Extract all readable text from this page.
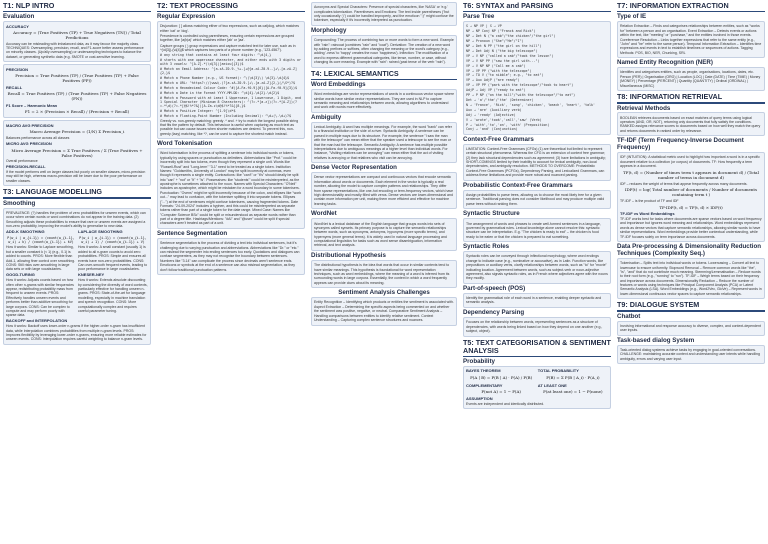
T1: NLP INTRO
Evaluation
ACCURACY
Accuracy = (True Positives (TP) + True Negatives (TN)) / Total Predictions
Accuracy can be misleading with imbalanced data, as it may favour the majority class. TECHNIQUES: Oversampling, precision, recall, and F1-score better assess performance on minority classes. (Up/ally oversampling) or undersampling techniques to balance the dataset, or generating synthetic data (e.g. SMOTE or cost-sensitive learning.
PRECISION
Precision = True Positives (TP) / (True Positives (TP) + False Positives (FP))
RECALL
Recall = True Positives (TP) / (True Positives (TP) + False Negatives (FN))
F1 Score – Harmonic Mean
F1 = 2 × (Precision × Recall) / (Precision + Recall)
MACRO AVG PRECISION
Macro Average Precision = (1/N) Σ Precision_i
Balances performance across all classes
MICRO AVG PRECISION
Micro Average Precision = Σ True Positives / Σ (True Positives + False Positives)
Overall performance
PRECISION-RECALL
If the model performs well on larger classes but poorly on smaller classes, micro-precision may still be high, whereas macro-precision will be lower due to the poor performance on smaller classes.
T3: LANGUAGE MODELLING
Smoothing
PREVALENCE: (?) handles the problem of zero probabilities for unseen events, which can occur when certain words or word combinations do not appear in the training data. (2) Smoothing adjusts these probabilities to ensure that rare or unseen events are assigned a non-zero probability, improving the model's ability to generalize to new data.
ADD-K SMOOTHING
P(w_i | w_{i-1}) = (count(w_{i-1}, w_i) + k) / (count(w_{i-1}) + kV)
How it works: Similar to Laplace smoothing, but a smaller constant k (< 1) (e.g., 0.1) is added to counts. PROS: More flexible than Add-1, allowing finer control over smoothing. CONS: Still risks over-smoothing in large data sets or with large vocabularies.
LAPLACE SMOOTHING
P(w_i | w_{i-1}) = (count(w_{i-1}, w_i) + 1) / (count(w_{i-1}) + V)
How it works: A small constant (usually 1) is added to all n-gram counts to avoid zero probabilities. PROS: Simple and ensures all events have non-zero probabilities. CONS: Can over-smooth frequent events, leading to poor performance in large vocabularies.
GOOD-TURING
How it works: Adjusts counts based on how often other n-grams with similar frequencies appear, redistributing probability mass from frequent to unseen events. PROS: Effectively handles unseen events and performs better than additive smoothing for large corpora. CONS: Can be complex to compute and may perform poorly with sparse data.
KNESER-NEY
How it works: Extends absolute discounting by considering the diversity of word contexts, particularly effective for handling unseen n-grams. PROS: State-of-the-art for language modelling, especially in machine translation and speech recognition. CONS: More computationally complex and requires careful parameter tuning.
BACKOFF and INTERPOLATION
How it works: Backoff uses lower-order n-grams if the higher-order n-gram has insufficient data, while Interpolation combines probabilities from multiple n-gram levels. PROS: Improves flexibility by leveraging lower-order n-grams, ensuring more reliable estimates for unseen events. CONS: Interpolation requires careful weighting to balance n-gram levels.
T2: TEXT PROCESSING
Regular Expression
Disjunction: [ ] allows matching either of two expressions, such as cat|dog, which matches either 'cat' or 'dog'.
Precedence is controlled using parentheses, ensuring certain expressions are grouped together, like 'ja(b|a)' which matches either 'jab' or 'jaa'.
Capture groups ( ) group expressions and capture matched text for later use, such as in ^(\d{3})-(\d{4})$ which captures two parts of a phone number (e.g., '123-4567').
# any string that contains at least four digits: ^\d{4,}
# starts with one uppercase character, and either ends with 3 digits or with 3 vowels: ^[A-Z].*(\d{3}|[aeiou]{3})$
# Match an Email Address: ^[a-zA-Z0-9._%+-]+@[a-zA-Z0-9.-]+\.[a-zA-Z]{2,}$
# Match a Phone Number (e.g., US format): ^\(\d{3}\) \d{3}-\d{4}$
# Match a URL: ^https?://(www\.)?[a-zA-Z0-9-]+\.[a-zA-Z]{2,}(/\S*)?$
# Match a Hexadecimal Colour Code: ^#([A-Fa-f0-9]{6}|[A-Fa-f0-9]{3})$
# Match a Date in the Format YYYY-MM-DD: ^\d{4}-\d{2}-\d{2}$
# Match a Password with at Least 1 Uppercase, 1 Lowercase, 1 Digit, and 1 Special Character (Minimum 8 Characters): ^(?=.*[a-z])(?=.*[A-Z])(?=.*\d)(?=.*[@$!%*?&])[A-Za-z\d@$!%*?&]{8,}$
# Match a Positive Integer: ^[1-9]\d*$
# Match a Floating-Point Number (Including Decimal): ^\d+(\.\d+)?$
Greedy vs. non-greedy matching: greedy .* and .+ try to match the longest possible string that fits the pattern by default. This behaviour is useful when capturing as much text as possible but can cause issues when shorter matches are desired. To prevent this, non-greedy (lazy) matching, like *?, can be used to capture the shortest match instead.
Word Tokenisation
Word tokenisation is the process of splitting a sentence into individual words or tokens, typically by using spaces or punctuation as delimiters. Abbreviations like "Prof." could be incorrectly split into two tokens, even though they represent a single unit. Words like "Russell-Rust" and "Long-term" "3-1" need to be treated as a single token. Institution Names: "Goldsmiths, University of London" may be split incorrectly at commas, even though it represents a single entity. Contractions: like "can't" or "it's" should ideally be split into "can" + "not" or "it" + "is". Possessives: like "students'" could be misinterpreted, as the apostrophe is sometimes attached to the noun. Names with Special Characters: "O'Neil" includes an apostrophe, which might be mistaken for a word boundary in some tokenisers. Punctuation: "Ovens" might be split incorrectly because of the colon, and ellipses like "work out..." may lead to confusion, with the tokeniser splitting it into separate tokens. Ellipses ("...") at the end of sentences might confuse tokenisers, causing fragmented tokens. Date Formats: "24-09-2024" includes a hyphen, and this could be misinterpreted as separate tokens rather than part of a single token for the date range. Mixed Case: Names like "Computer Science BSc" could be split or misunderstood as separate words rather than part of a degree title. Hashtags/Mentions: "#AI" and "@user" could be split if special characters aren't treated as part of a unit.
Sentence Segmentation
Sentence segmentation is the process of dividing a text into individual sentences, but it's challenging due to varying punctuation and abbreviations. Abbreviations like "Dr." or "etc." can mislead the segmenter into ending sentences too early. Quotations and dialogues can confuse segmenters, as they may not recognise the boundary between sentences. Numbers like "3.14" can complicate the process since decimals aren't sentence ends. Emoticons or symbols at the end of a sentence can also mislead segmentation, as they don't follow traditional punctuation patterns.
Acronyms and Special Characters: Presence of special characters, like 'NASA' or 'e.g.' complicates tokenization. Parentheses and Emotions: The text inside parentheses ("but only occasionally :)") could be handled improperly, and the emoticon ":)" might confuse the tokeniser, especially if it's incorrectly interpreted as punctuation.
Morphology
Compounding: The process of combining two or more words to form a new word. Example with "rain": raincoat (combines "rain" and "coat"). Derivation: The creation of a new word by adding prefixes or suffixes, often changing the meaning or the word's category (e.g., adding '-ness' to 'happy' creates the noun 'happiness'). Inflection: The modification of a word to express different grammatical categories, like tense, number, or case, without changing its core meaning. Example with "rain": rained (past tense of the verb "rain").
T4: LEXICAL SEMANTICS
Word Embeddings
Word embeddings are vector representations of words in a continuous vector space where similar words have similar vector representations. They are used in NLP to capture semantic meaning and relationships between words, allowing algorithms to understand and work with words more effectively.
Ambiguity
Lexical Ambiguity: A word has multiple meanings. For example, the word "bank" can refer to a financial institution or the side of a river. Syntactic Ambiguity: A sentence can be parsed in multiple ways due to its structure. For example, the sentence "I saw the man with the telescope" can mean either that the speaker used a telescope to see the man or that the man had the telescope. Semantic Ambiguity: A sentence has multiple possible interpretations due to ambiguous meanings at a higher level than individual words. For instance, "Visiting relatives can be annoying" can mean either that the act of visiting relatives is annoying or that relatives who visit can be annoying.
Dense Vector Representation
Dense vector representations are compact and continuous vectors that encode semantic information about words or documents. Each element in the vector is typically a real number, allowing the model to capture complex patterns and relationships. They differ from sparse representations, like one-hot encoding or term-frequency vectors, which have high dimensionality and mostly filled with zeros. Dense vectors are lower-dimensional and contain more information per unit, making them more efficient and effective for machine learning tasks.
WordNet
WordNet is a lexical database of the English language that groups words into sets of synonyms called synsets. Its primary purpose is to capture the semantic relationships between words, such as synonyms, antonyms, hyponyms (more specific terms), and hypernyms (more general terms). It is widely used in natural language processing and computational linguistics for tasks such as word sense disambiguation, information retrieval, and text analysis.
Distributional Hypothesis
The distributional hypothesis is the idea that words that occur in similar contexts tend to have similar meanings. This hypothesis is foundational for word representation techniques, such as word embeddings, where the meaning of a word is inferred from its surrounding words in large corpora. Essentially, the context in which a word frequently appears can provide clues about its meaning.
Sentiment Analysis Challenges
Entity Recognition – Identifying which products or entities the sentiment is associated with. Aspect Extraction – Determining the specific aspects being commented on and whether the sentiment was positive, negative, or neutral. Comparative Sentiment Analysis – Handling comparisons between entities to identify relative sentiment. Context Understanding – Capturing complex sentence structures and nuances.
T6: SYNTAX and PARSING
Parse Tree
S → NP VP | S → VP
NP → NP Conj NP ("Franck and Rick")
NP → Det N ("a cab"/"the chicken"/"the girl")
NP → Pronoun ("She"/"He"/"I")
NP → Det N PP ("the girl on the hill")
NP → Det Adj N ("the big telescope")
VP → V NP ("called a cab"/"took the lesson")
VP → V NP PP ("saw the girl with...")
VP → V NP NP ("Call me a cab")
VP → VP PP ("with the telescope")
VP → TO V ("to nibble"; e.g., "to eat")
VP → Aux AdjP ("are ready")
VP → VP PP ("park with the telescope"/"took to heart")
AdjP → Adj VP ("ready to eat")
PP → P NP ("on the hill"/"with the telescope"/"to eat")
Det → 'a'/'the'/'the' (Determiner)
N → 'France', 'Rick', 'song', 'chicken', 'beach', 'heart', 'talk'
Aux → 'are' (Auxiliary verb)
Adj → 'ready' (Adjective)
V → 'wrote','took','call','saw' (Verb)
P → 'with','to','on', 'with' (Preposition)
Conj → 'and' (Conjunction)
Context-Free Grammars
LIMITATION: Context-Free Grammars (CFGs) (1) are theoretical but limited to represent certain structural phenomena. Whereas the CFG is an extension of context free grammar; (2) they lack structural dependencies such as agreement; (3) have limitations in ambiguity; SHORT-COMINGS limited by their inability to account for lexical ambiguity, non-local dependencies, and ambiguity resolution. METHODS TO OVERCOME: Probabilistic Context-Free Grammars (PCFGs), Dependency Parsing, and Lexicalized Grammars, can address these limitations and provide more robust and nuanced parsing.
Probabilistic Context-Free Grammars
Assign probabilities to parse trees, allowing us to choose the most likely tree for a given sentence. Traditional parsing does not consider likelihood and may produce multiple valid parse trees without ranking them.
Syntactic Structure
The arrangement of words and phrases to create well-formed sentences in a language, governed by grammatical rules. Lexical knowledge alone cannot resolve this: syntactic structure can be interpretation. E.g. "The chicken is ready to eat" – the chicken is food ready to be eaten or that the chicken is prepared to eat something.
Syntactic Roles
Syntactic roles can be conveyed through inflectional morphology, where word endings change to indicate case (e.g., nominative or accusative), as in Latin. Function words, like prepositions or auxiliary verbs, clarify relationships between words, such as "to" for "movie" indicating location. Agreement between words, such as subject-verb or noun-adjective agreement, also signals syntactic roles, as in French where adjectives agree with the nouns they modify.
Part-of-speech (POS)
Identify the grammatical role of each word in a sentence, enabling deeper syntactic and semantic analysis.
Dependency Parsing
Focuses on the relationship between words, representing sentences as a structure of dependencies, with words being linked based on how they depend on one another (e.g., subject, object).
T5: TEXT CATEGORISATION & SENTIMENT ANALYSIS
Probability
BAYES THEOREM
P(A | B) = P(B | A) · P(A) / P(B)
TOTAL PROBABILITY
P(B) = Σ P(B | A_i) · P(A_i)
COMPLEMENTARY
P(not A) = 1 − P(A)
AT LEAST ONE
P(at least one) = 1 − P(none)
ASSUMPTION
Events are independent and identically distributed.
T7: INFORMATION EXTRACTION
Type of IE
Relation Extraction – Finds and categorises relationships between entities, such as "works for" between a person and an organisation. Event Extraction – Detects events or actions within the text, like "meeting" or "purchase," and the entities involved in those events. Coreference Resolution – Links together expressions that refer to the same entity (e.g., "John" and "he" refer to the same person). Temporal Information Extraction – Identifies time expressions and events in text to establish timelines or sequences of actions. Tagging Methods: POS, BIO, NER, Chunking, SRL
Named Entity Recognition (NER)
Identifies and categorises entities, such as people, organisations, locations, dates, etc. Person (PER) | Organisation (ORG) | Location (LOC) | Date (DATE) | Time (TIME) | Money (MONEY) | Percentage (PERCENT) | Quantity (QUANTITY) | Ordinal (ORDINAL) | Miscellaneous (MISC)
T8: INFORMATION RETRIEVAL
Retrieval Methods
BOOLEAN retrieves documents based on exact matches of query terms using logical operators (AND, OR, NOT), returning only documents that fully satisfy the conditions. RANKED assigns relevance scores to documents based on how well they match the query and returns documents in ranked order by relevance.
TF-IDF (Term Frequency-Inverse Document Frequency)
IDF (INTUITION): A statistical metric used to highlight how important a word is in a specific document relative to a collection (or corpus) of documents. TF: How frequently a term appears in a document.
TF(t, d) = (Number of times term t appears in document d) / (Total number of terms in document d)
IDF – reduces the weight of terms that appear frequently across many documents.
IDF(t) = log( Total number of documents / Number of documents containing term t )
TF-IDF – is the product of TF and IDF
TF-IDF(t, d) = TF(t, d) × IDF(t)
TF-IDF vs Word Embeddings
TF-IDF works best for tasks where documents are sparse vectors based on word frequency and importance but ignores word meaning and relationships. Word embeddings represent words as dense vectors that capture semantic relationships, allowing similar words to have similar representations. Word embeddings provide better contextual understanding, while TF-IDF focuses solely on term importance across documents.
Data Pre-processing & Dimensionality Reduction Techniques (Complexity Seq.)
Tokenisation – Splits text into individual words or tokens. Lowercasing – Convert all text to lowercase to ensure uniformity. Stopword Removal – Remove common words like "the", "is", "and" that do not contribute much meaning. Stemming/Lemmatisation – Reduce words to their root form (e.g., "running" to "run"). TF-IDF – Weigh terms based on their frequency and importance across documents. Dimensionality Reduction – Reduce the number of features or words using techniques like Principal Component Analysis (PCA) or Latent Semantic Analysis (LSA). Word Embeddings (e.g., Word2Vec, GloVe) – Represent words in lower-dimensional continuous vector spaces to capture semantic relationships.
T9: DIALOGUE SYSTEM
Chatbot
Involving informational and response accuracy to diverse, complex, and context-dependent user inputs.
Task-based dialog System
Task-oriented dialog systems achieve tasks by engaging in goal-oriented conversations. CHALLENGE: maintaining accurate context and understanding user intents while handling ambiguity, errors and varying user input.
